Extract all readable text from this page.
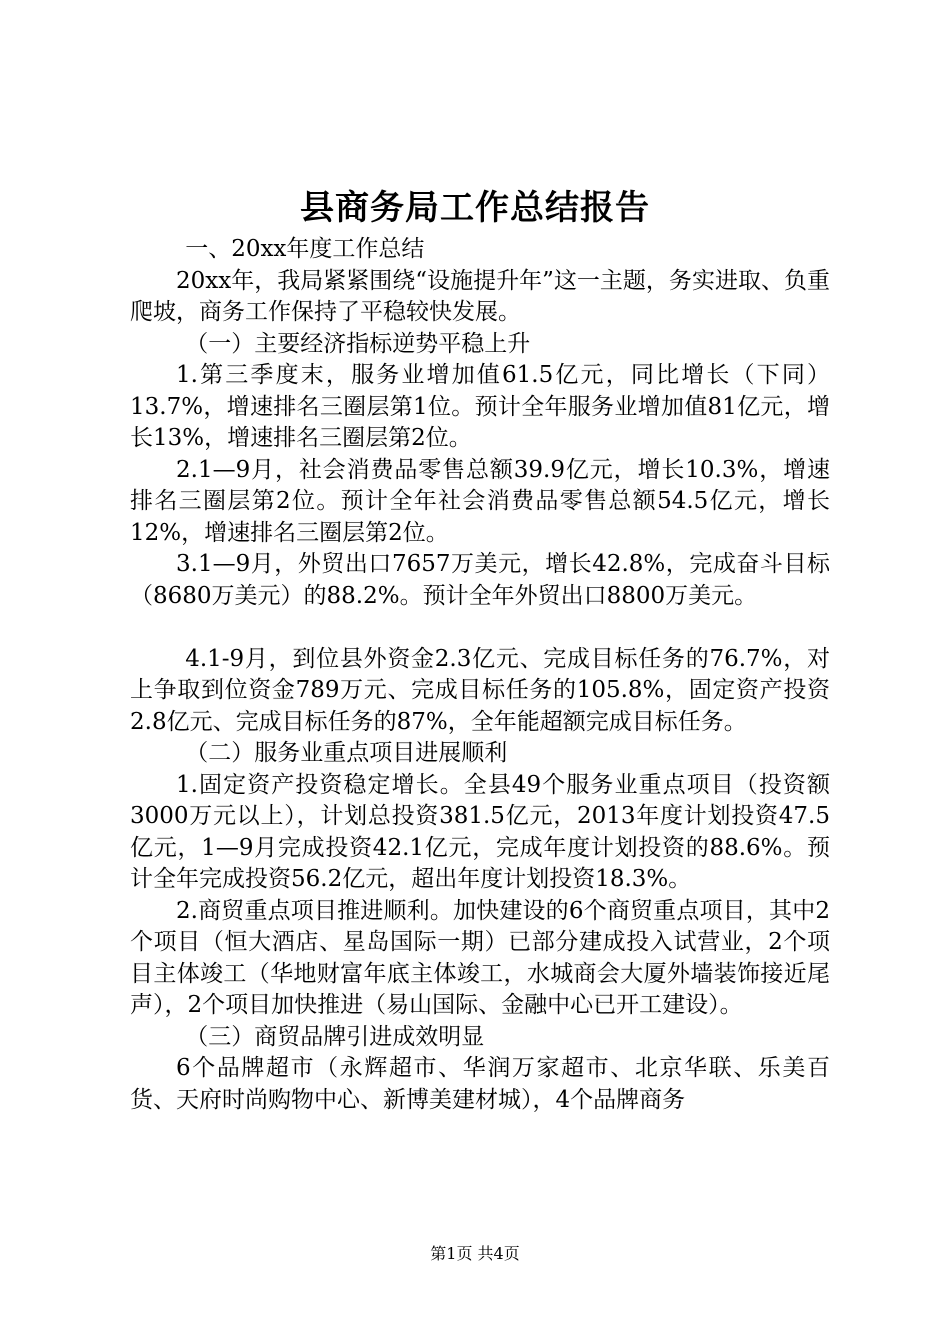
县商务局工作总结报告

一、20xx年度工作总结

20xx年，我局紧紧围绕“设施提升年”这一主题，务实进取、负重爬坡，商务工作保持了平稳较快发展。

（一）主要经济指标逆势平稳上升

1.第三季度末，服务业增加值61.5亿元，同比增长（下同）13.7%，增速排名三圈层第1位。预计全年服务业增加值81亿元，增长13%，增速排名三圈层第2位。

2.1—9月，社会消费品零售总额39.9亿元，增长10.3%，增速排名三圈层第2位。预计全年社会消费品零售总额54.5亿元，增长12%，增速排名三圈层第2位。

3.1—9月，外贸出口7657万美元，增长42.8%，完成奋斗目标（8680万美元）的88.2%。预计全年外贸出口8800万美元。

4.1-9月，到位县外资金2.3亿元、完成目标任务的76.7%，对上争取到位资金789万元、完成目标任务的105.8%，固定资产投资2.8亿元、完成目标任务的87%，全年能超额完成目标任务。

（二）服务业重点项目进展顺利

1.固定资产投资稳定增长。全县49个服务业重点项目（投资额3000万元以上），计划总投资381.5亿元，2013年度计划投资47.5亿元，1—9月完成投资42.1亿元，完成年度计划投资的88.6%。预计全年完成投资56.2亿元，超出年度计划投资18.3%。

2.商贸重点项目推进顺利。加快建设的6个商贸重点项目，其中2个项目（恒大酒店、星岛国际一期）已部分建成投入试营业，2个项目主体竣工（华地财富年底主体竣工，水城商会大厦外墙装饰接近尾声），2个项目加快推进（易山国际、金融中心已开工建设）。

（三）商贸品牌引进成效明显

6个品牌超市（永辉超市、华润万家超市、北京华联、乐美百货、天府时尚购物中心、新博美建材城），4个品牌商务

第1页 共4页
